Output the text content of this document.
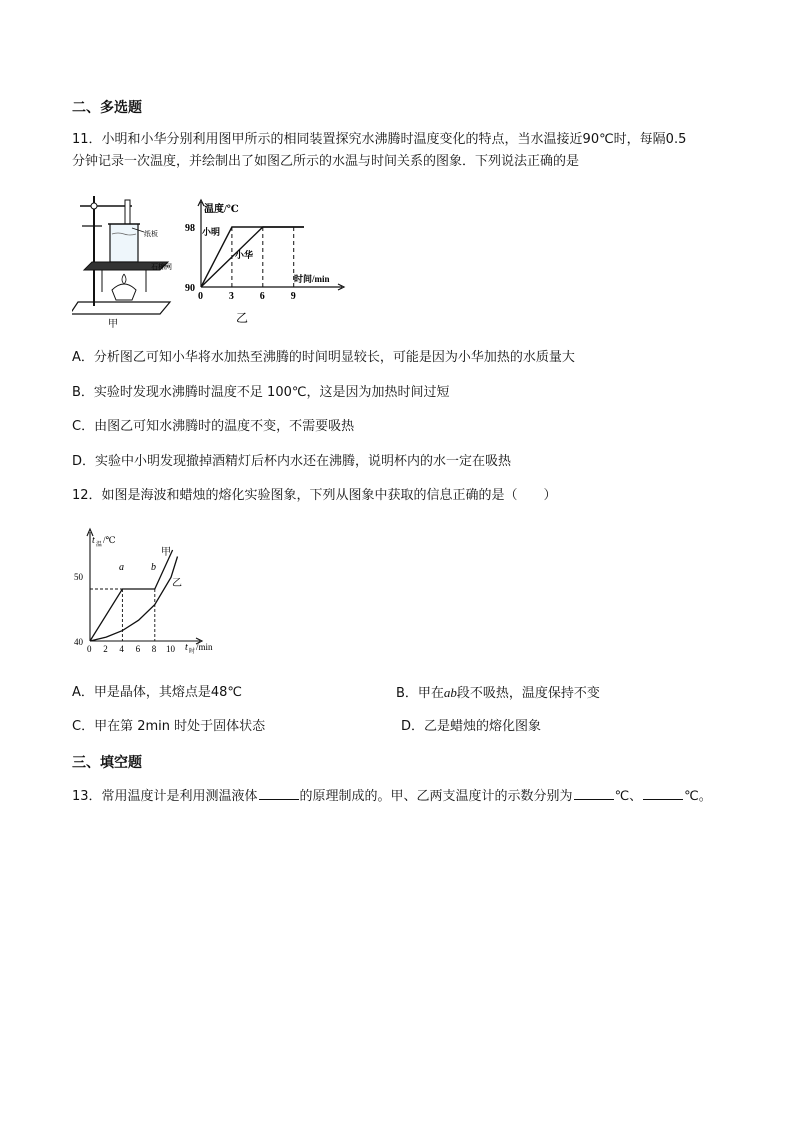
二、多选题
11．小明和小华分别利用图甲所示的相同装置探究水沸腾时温度变化的特点，当水温接近90℃时，每隔0.5
分钟记录一次温度，并绘制出了如图乙所示的水温与时间关系的图象．下列说法正确的是
纸板
石棉网
甲
0	3	6	9
98
90
温度/℃
时间/min
小明
小华
乙
A．分析图乙可知小华将水加热至沸腾的时间明显较长，可能是因为小华加热的水质量大
B．实验时发现水沸腾时温度不足 100℃，这是因为加热时间过短
C．由图乙可知水沸腾时的温度不变，不需要吸热
D．实验中小明发现撤掉酒精灯后杯内水还在沸腾，说明杯内的水一定在吸热
12．如图是海波和蜡烛的熔化实验图象，下列从图象中获取的信息正确的是（　　）
0 2 4 6 8 10
50
40
t 温 /℃
t 时 /min
a	b
甲
乙
A．甲是晶体，其熔点是48℃	B．甲在ab段不吸热，温度保持不变
C．甲在第 2min 时处于固体状态	D．乙是蜡烛的熔化图象
三、填空题
13．常用温度计是利用测温液体	的原理制成的。甲、乙两支温度计的示数分别为	℃、	℃。
